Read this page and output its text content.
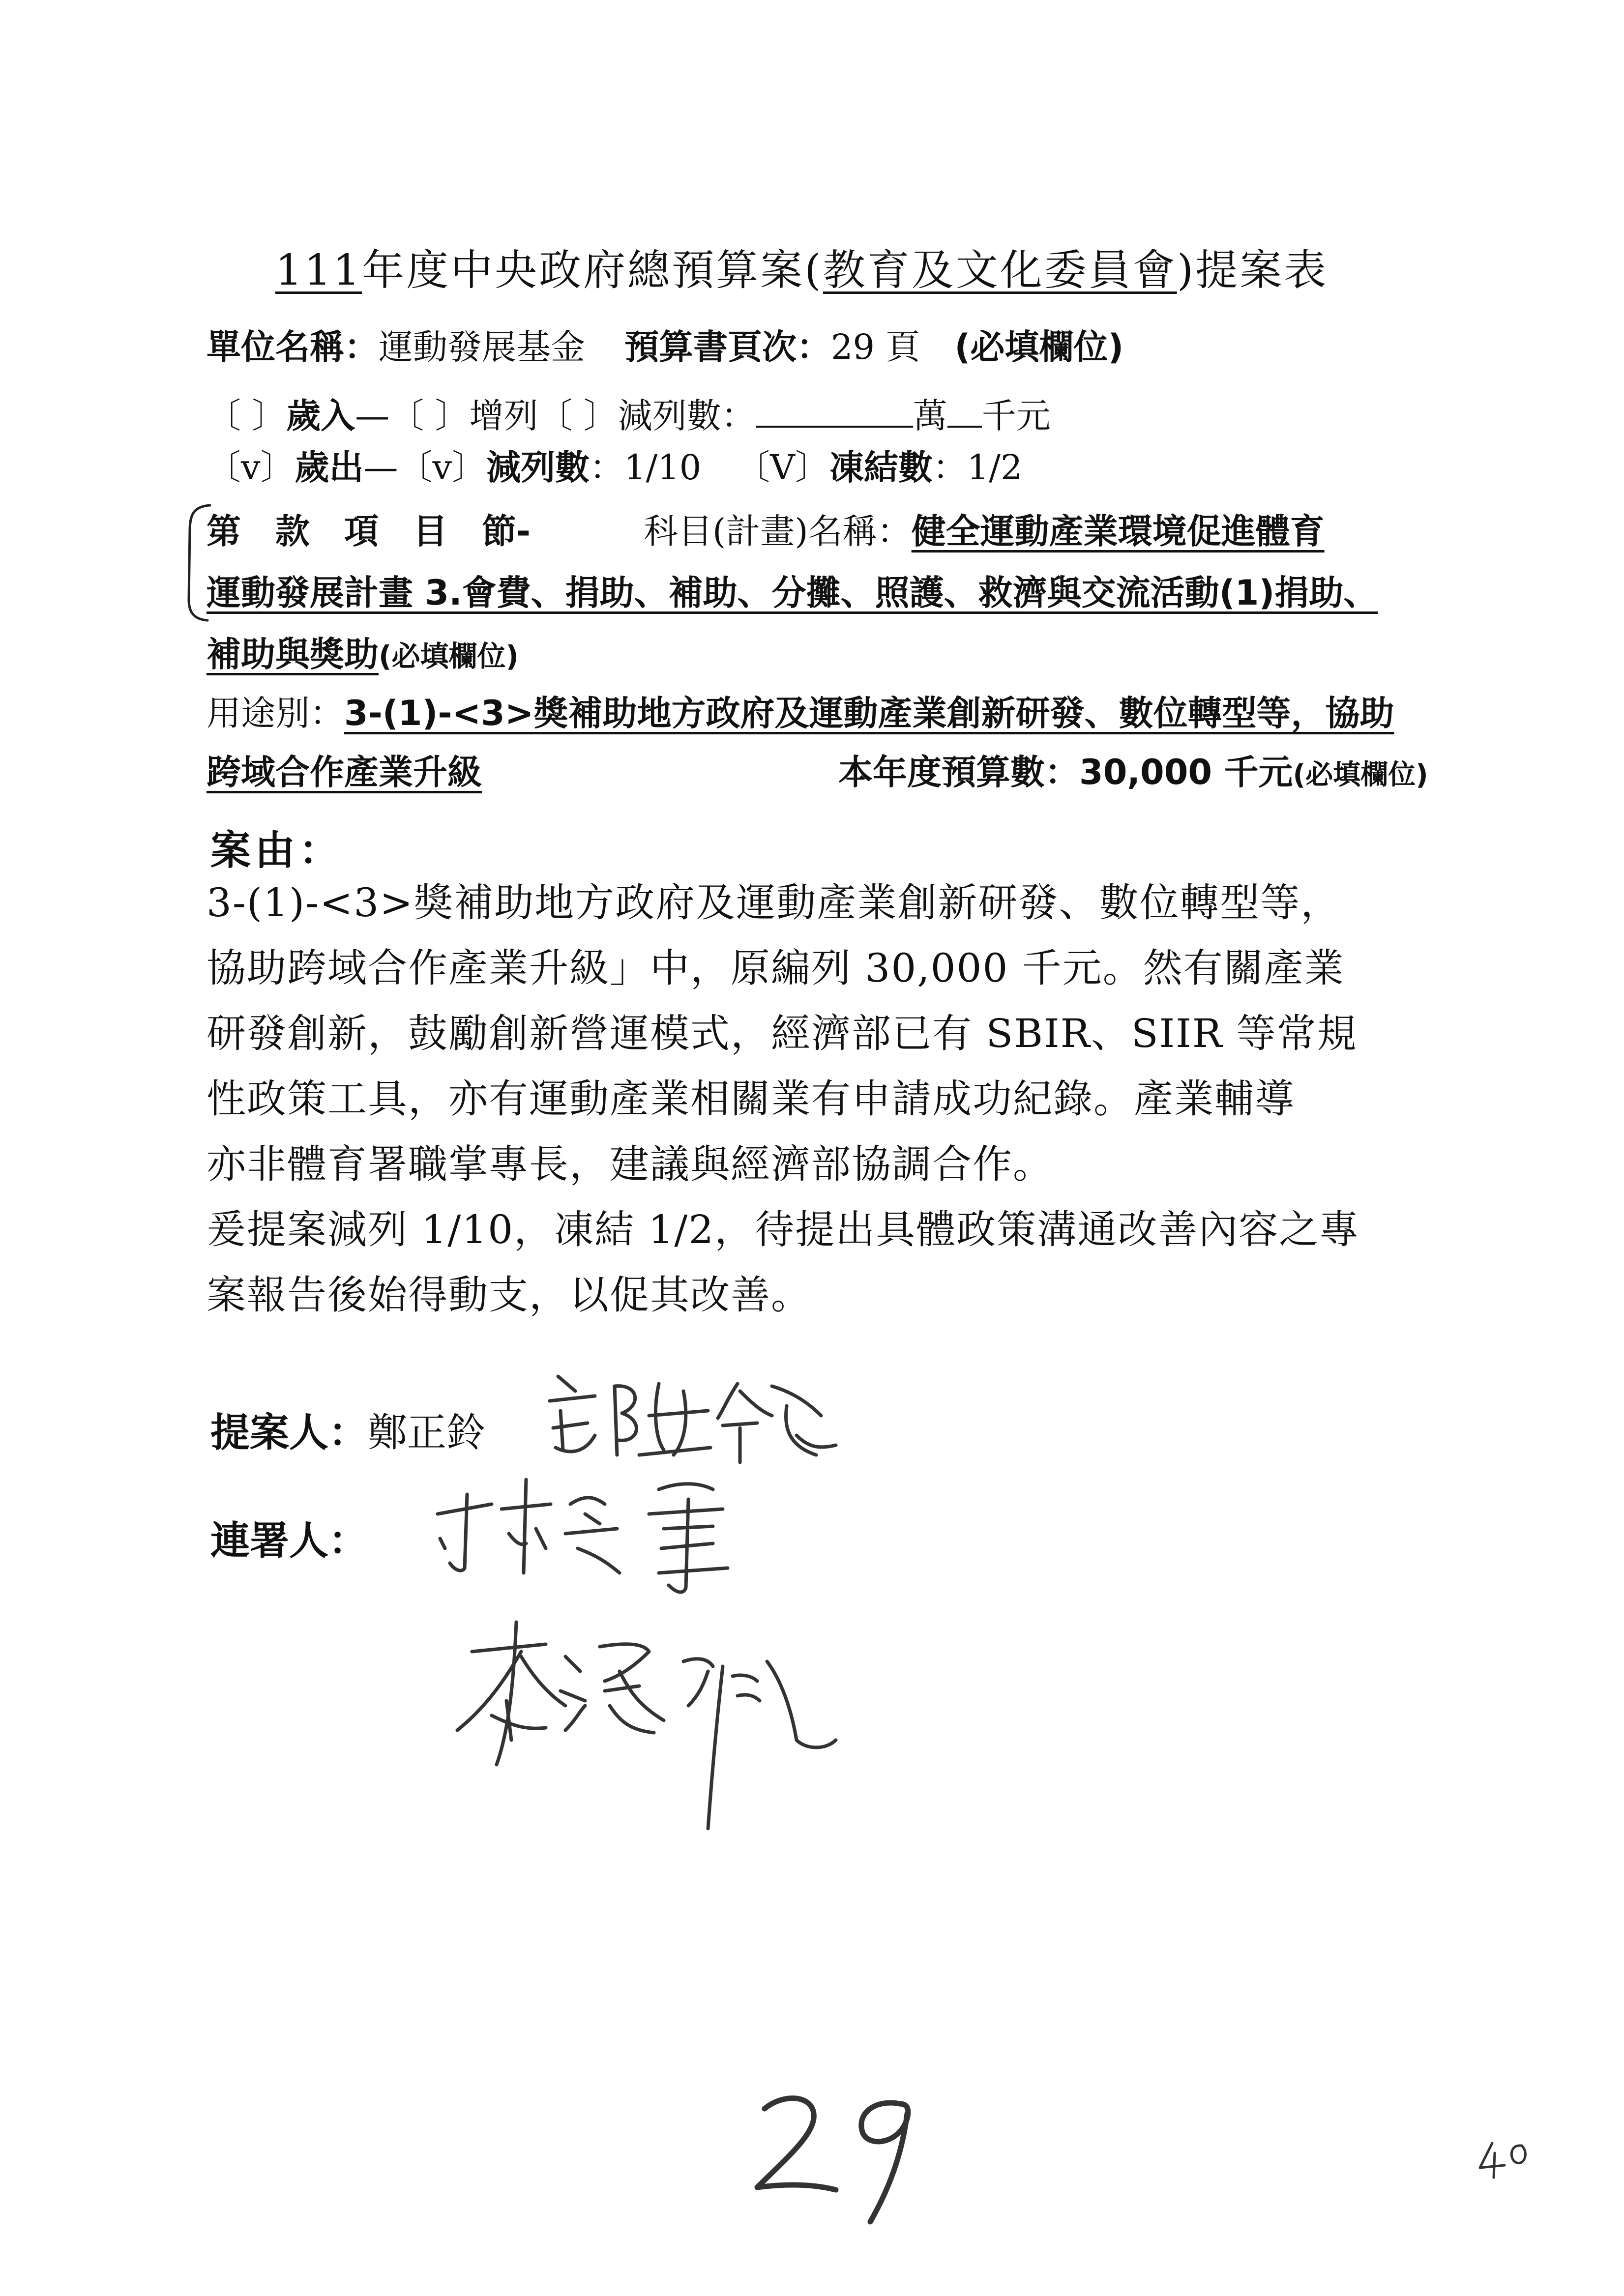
111年度中央政府總預算案(教育及文化委員會)提案表
單位名稱：運動發展基金 預算書頁次：29 頁 (必填欄位)
〔 〕歲入—〔 〕增列〔 〕減列數：	萬 千元
〔v〕歲出—〔v〕減列數：1/10 〔V〕凍結數：1/2
第　款　項　目　節-	科目(計畫)名稱：健全運動產業環境促進體育
運動發展計畫 3.會費、捐助、補助、分攤、照護、救濟與交流活動(1)捐助、
補助與獎助(必填欄位)
用途別：3-(1)-<3>獎補助地方政府及運動產業創新研發、數位轉型等，協助
跨域合作產業升級	本年度預算數：30,000 千元(必填欄位)
案由：

3-(1)-<3>獎補助地方政府及運動產業創新研發、數位轉型等，

協助跨域合作產業升級」中，原編列 30,000 千元。然有關產業

研發創新，鼓勵創新營運模式，經濟部已有 SBIR、SIIR 等常規

性政策工具，亦有運動產業相關業有申請成功紀錄。產業輔導

亦非體育署職掌專長，建議與經濟部協調合作。

爰提案減列 1/10，凍結 1/2，待提出具體政策溝通改善內容之專

案報告後始得動支，以促其改善。

提案人：鄭正鈴
連署人：
